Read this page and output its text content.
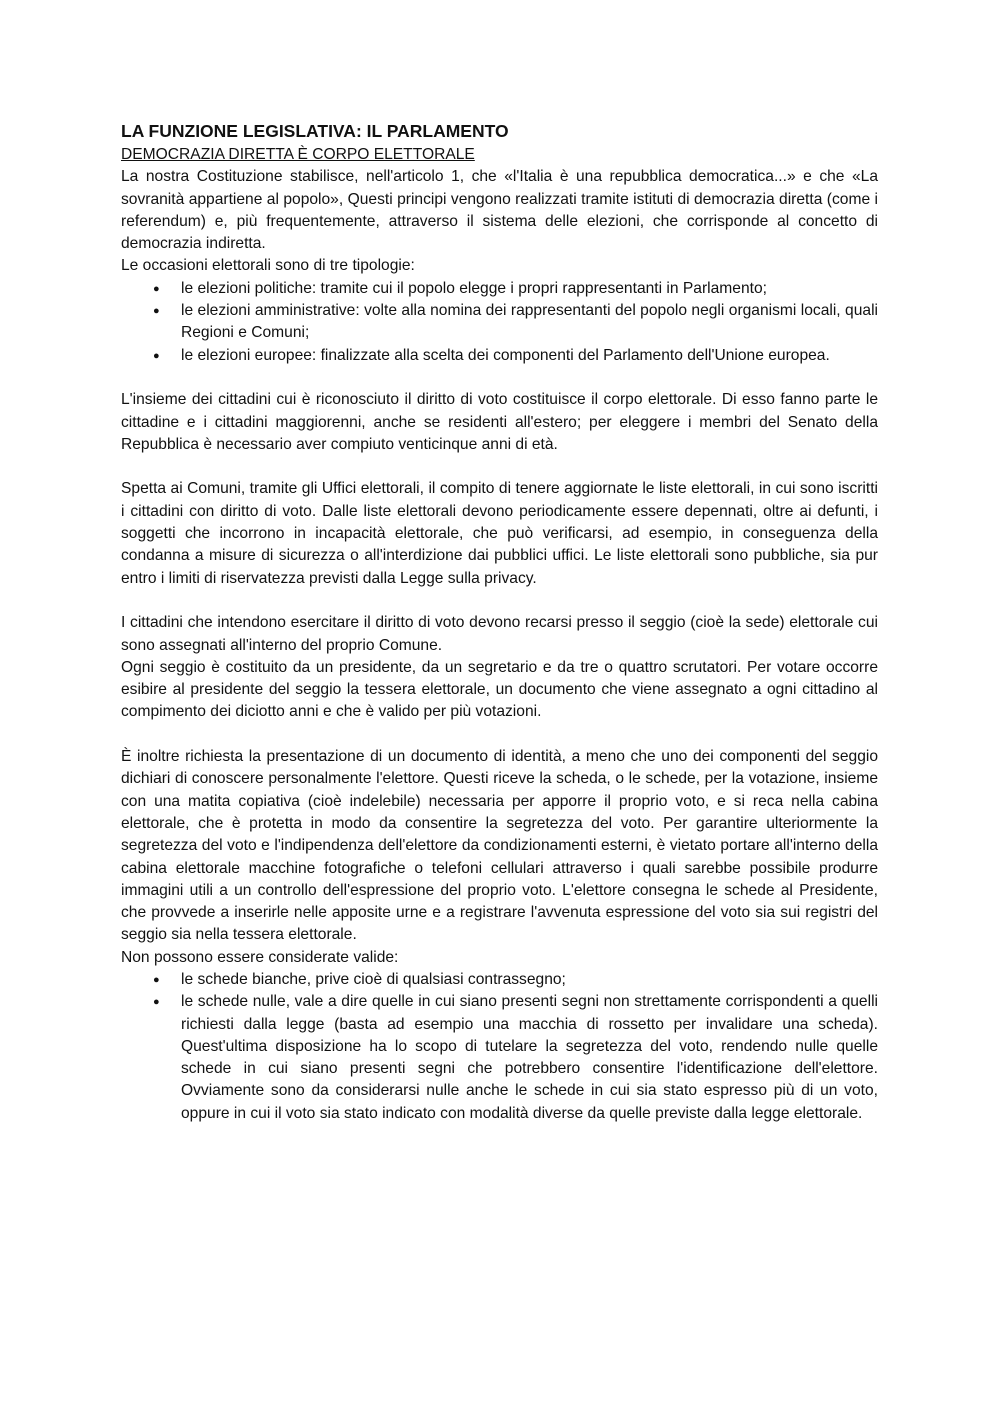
LA FUNZIONE LEGISLATIVA: IL PARLAMENTO
DEMOCRAZIA DIRETTA È CORPO ELETTORALE

La nostra Costituzione stabilisce, nell'articolo 1, che «l'Italia è una repubblica democratica...» e che «La sovranità appartiene al popolo», Questi principi vengono realizzati tramite istituti di democrazia diretta (come i referendum) e, più frequentemente, attraverso il sistema delle elezioni, che corrisponde al concetto di democrazia indiretta.

Le occasioni elettorali sono di tre tipologie:

● le elezioni politiche: tramite cui il popolo elegge i propri rappresentanti in Parlamento;
● le elezioni amministrative: volte alla nomina dei rappresentanti del popolo negli organismi locali, quali Regioni e Comuni;
● le elezioni europee: finalizzate alla scelta dei componenti del Parlamento dell'Unione europea.

L'insieme dei cittadini cui è riconosciuto il diritto di voto costituisce il corpo elettorale. Di esso fanno parte le cittadine e i cittadini maggiorenni, anche se residenti all'estero; per eleggere i membri del Senato della Repubblica è necessario aver compiuto venticinque anni di età.

Spetta ai Comuni, tramite gli Uffici elettorali, il compito di tenere aggiornate le liste elettorali, in cui sono iscritti i cittadini con diritto di voto. Dalle liste elettorali devono periodicamente essere depennati, oltre ai defunti, i soggetti che incorrono in incapacità elettorale, che può verificarsi, ad esempio, in conseguenza della condanna a misure di sicurezza o all'interdizione dai pubblici uffici. Le liste elettorali sono pubbliche, sia pur entro i limiti di riservatezza previsti dalla Legge sulla privacy.

I cittadini che intendono esercitare il diritto di voto devono recarsi presso il seggio (cioè la sede) elettorale cui sono assegnati all'interno del proprio Comune.

Ogni seggio è costituito da un presidente, da un segretario e da tre o quattro scrutatori. Per votare occorre esibire al presidente del seggio la tessera elettorale, un documento che viene assegnato a ogni cittadino al compimento dei diciotto anni e che è valido per più votazioni.

È inoltre richiesta la presentazione di un documento di identità, a meno che uno dei componenti del seggio dichiari di conoscere personalmente l'elettore. Questi riceve la scheda, o le schede, per la votazione, insieme con una matita copiativa (cioè indelebile) necessaria per apporre il proprio voto, e si reca nella cabina elettorale, che è protetta in modo da consentire la segretezza del voto. Per garantire ulteriormente la segretezza del voto e l'indipendenza dell'elettore da condizionamenti esterni, è vietato portare all'interno della cabina elettorale macchine fotografiche o telefoni cellulari attraverso i quali sarebbe possibile produrre immagini utili a un controllo dell'espressione del proprio voto. L'elettore consegna le schede al Presidente, che provvede a inserirle nelle apposite urne e a registrare l'avvenuta espressione del voto sia sui registri del seggio sia nella tessera elettorale.

Non possono essere considerate valide:

● le schede bianche, prive cioè di qualsiasi contrassegno;
● le schede nulle, vale a dire quelle in cui siano presenti segni non strettamente corrispondenti a quelli richiesti dalla legge (basta ad esempio una macchia di rossetto per invalidare una scheda). Quest'ultima disposizione ha lo scopo di tutelare la segretezza del voto, rendendo nulle quelle schede in cui siano presenti segni che potrebbero consentire l'identificazione dell'elettore. Ovviamente sono da considerarsi nulle anche le schede in cui sia stato espresso più di un voto, oppure in cui il voto sia stato indicato con modalità diverse da quelle previste dalla legge elettorale.
